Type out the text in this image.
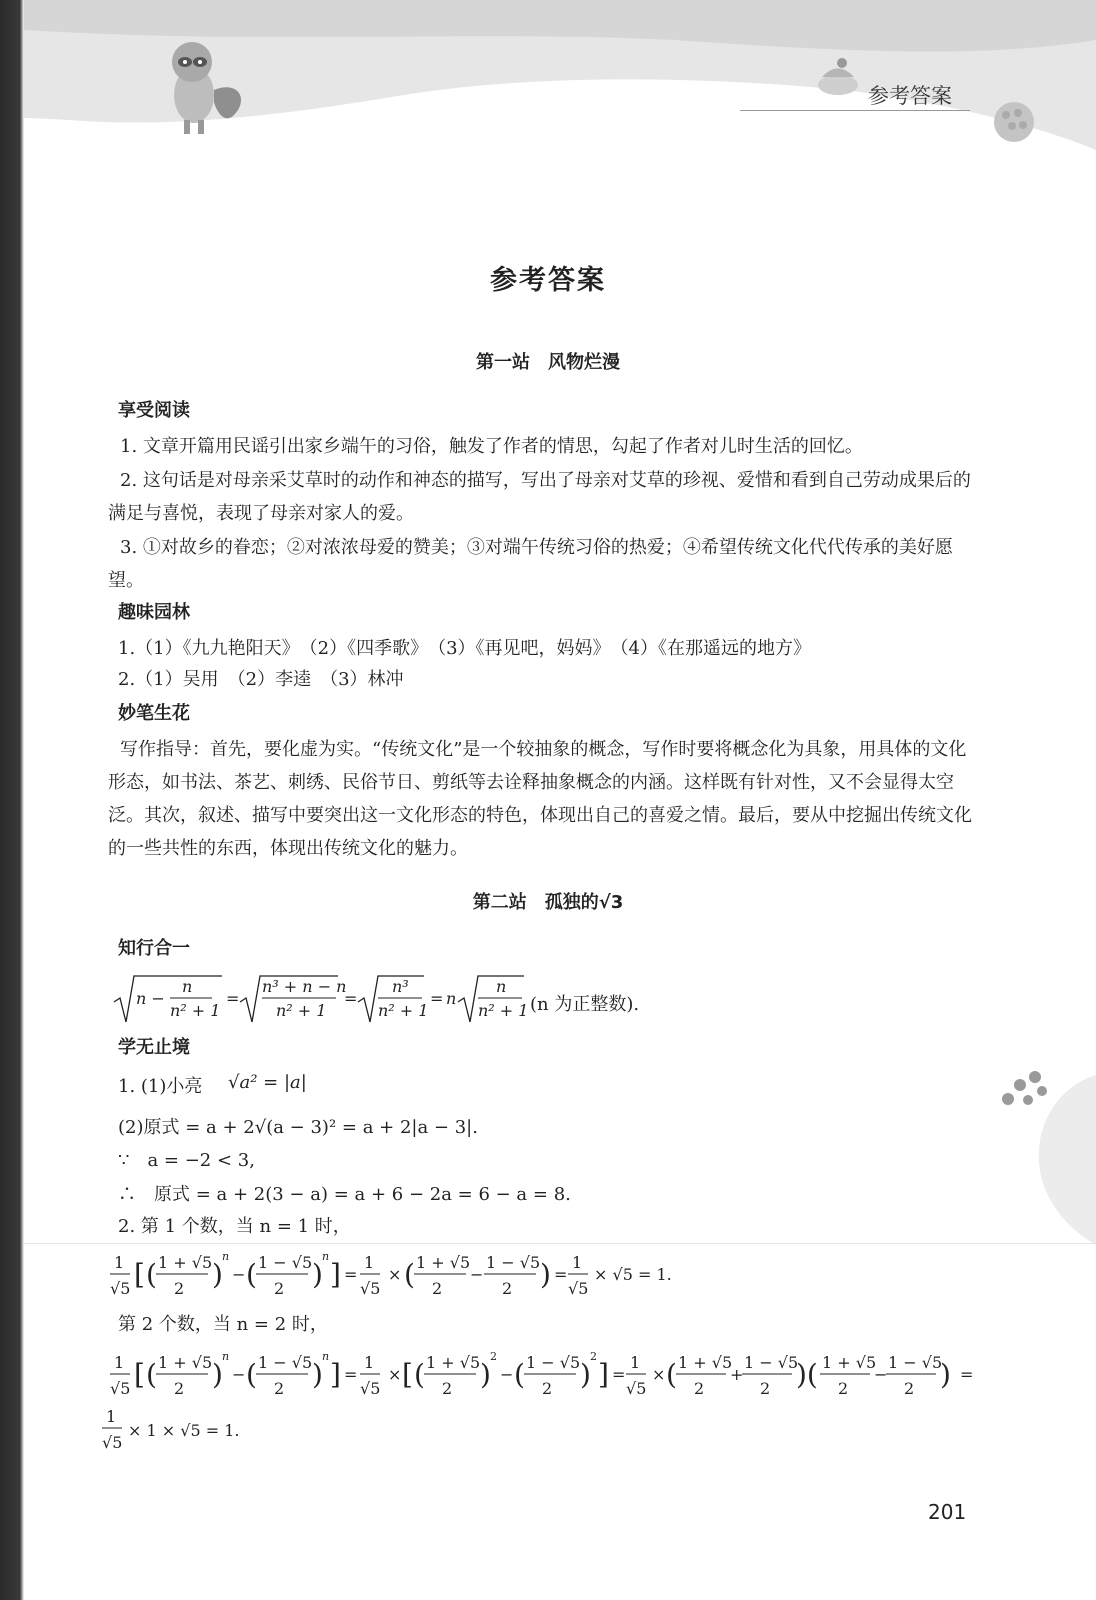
参考答案
参考答案
第一站　风物烂漫
享受阅读
1. 文章开篇用民谣引出家乡端午的习俗，触发了作者的情思，勾起了作者对儿时生活的回忆。
2. 这句话是对母亲采艾草时的动作和神态的描写，写出了母亲对艾草的珍视、爱惜和看到自己劳动成果后的满足与喜悦，表现了母亲对家人的爱。
3. ①对故乡的眷恋；②对浓浓母爱的赞美；③对端午传统习俗的热爱；④希望传统文化代代传承的美好愿望。
趣味园林
1.（1）《九九艳阳天》　（2）《四季歌》　（3）《再见吧，妈妈》　（4）《在那遥远的地方》
2.（1）吴用　（2）李逵　（3）林冲
妙笔生花
写作指导：首先，要化虚为实。“传统文化”是一个较抽象的概念，写作时要将概念化为具象，用具体的文化形态，如书法、茶艺、刺绣、民俗节日、剪纸等去诠释抽象概念的内涵。这样既有针对性，又不会显得太空泛。其次，叙述、描写中要突出这一文化形态的特色，体现出自己的喜爱之情。最后，要从中挖掘出传统文化的一些共性的东西，体现出传统文化的魅力。
第二站　孤独的√3
知行合一
n −
n
n² + 1
=
n³ + n − n
n² + 1
=
n³
n² + 1
= n
n
n² + 1 (n 为正整数).
学无止境
1. (1)小亮 √a² = |a|
(2)原式 = a + 2√(a − 3)² = a + 2|a − 3|.
∵　a = −2 < 3,
∴　原式 = a + 2(3 − a) = a + 6 − 2a = 6 − a = 8.
2. 第 1 个数，当 n = 1 时，
1
√5 [ ( 1 + √5
2 )
n
− ( 1 − √5
2 )
n
] =
1
√5
× ( 1 + √5
2
−
1 − √5
2 ) =
1
√5
× √5 = 1.
第 2 个数，当 n = 2 时，
1
√5 [ ( 1 + √5
2 )
n
− ( 1 − √5
2 )
n
] =
1
√5
× [ ( 1 + √5
2 )
2
− ( 1 − √5
2 )
2
] =
1
√5
× ( 1 + √5
2
+
1 − √5
2 )( 1 + √5
2
−
1 − √5
2 ) =
1
√5
× 1 × √5 = 1.
201
